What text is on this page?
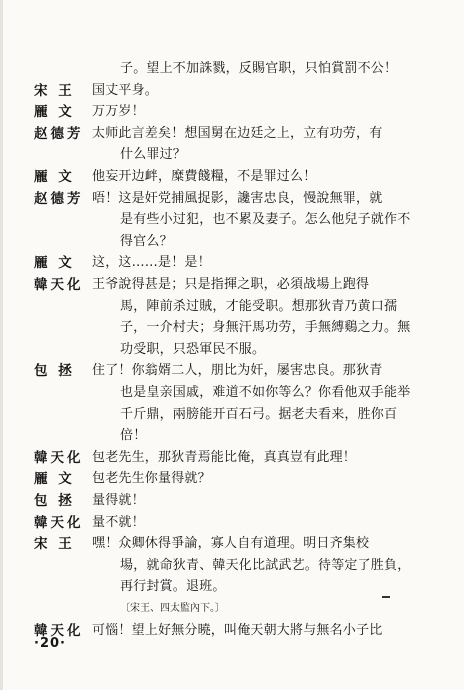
·20·
子。望上不加誅戮，反賜官职，只怕賞罰不公！
宋 王	国丈平身。
龎 文	万万岁！
赵德芳 太师此言差矣！想国舅在边廷之上，立有功劳，有
什么罪过？
龎 文	他妄开边衅，糜費餞糧，不是罪过么！
赵德芳 唔！这是奸党捕風捉影，讒害忠良，慢說無罪，就
是有些小过犯，也不累及妻子。怎么他兒子就作不
得官么？
龎 文	这，这……是！是！
韓天化 王爷說得甚是；只是指揮之职，必須战場上跑得
馬，陣前杀过賊，才能受职。想那狄青乃黄口孺
子，一介村夫；身無汗馬功劳，手無縛鷄之力。無
功受职，只恐軍民不服。
包 拯	住了！你翁婿二人，朋比为奸，屡害忠良。那狄青
也是皇亲国戚，难道不如你等么？你看他双手能举
千斤鼎，兩膀能开百石弓。据老夫看来，胜你百
倍！
韓天化 包老先生，那狄青焉能比俺，真真豈有此理！
龎 文	包老先生你量得就？
包 拯	量得就！
韓天化 量不就！
宋 王	嘿！众卿休得爭論，寡人自有道理。明日齐集校
場，就命狄青、韓天化比試武艺。待等定了胜負，
再行封賞。退班。
〔宋王、四太監內下。〕
韓天化 可惱！望上好無分曉，叫俺天朝大將与無名小子比
